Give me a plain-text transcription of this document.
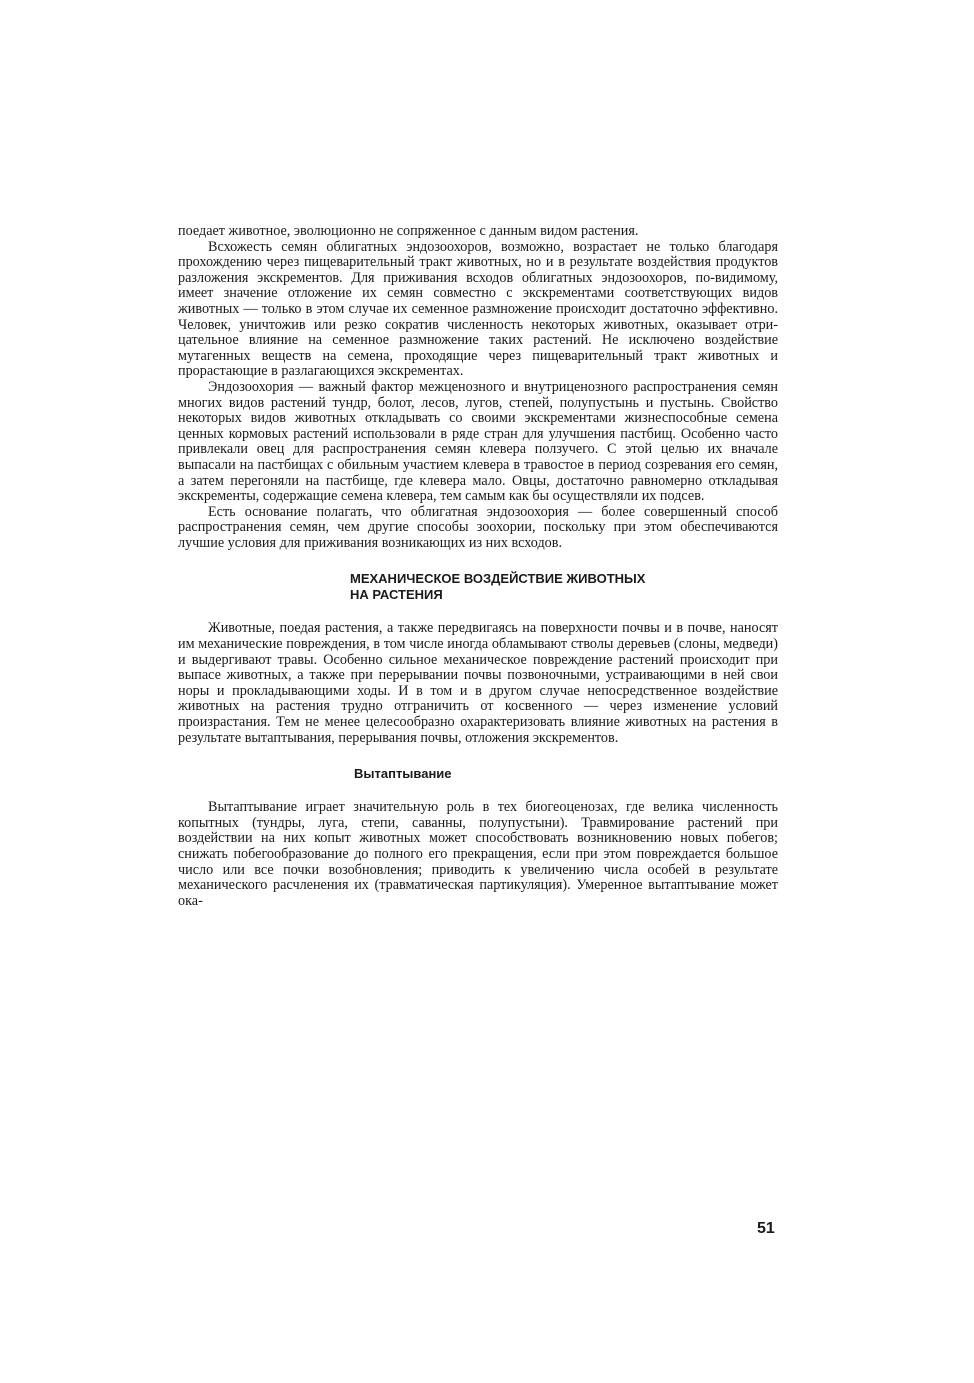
поедает животное, эволюционно не сопряженное с данным видом растения.

Всхожесть семян облигатных эндозоохоров, возможно, возрастает не только благодаря прохождению через пищеварительный тракт животных, но и в результате воздействия продуктов разложения экскрементов. Для приживания всходов облигатных эндозоохоров, по-видимому, имеет значение отложение их семян совместно с экскрементами соответствующих видов животных — только в этом случае их семенное размножение происходит достаточно эффективно. Человек, уничтожив или резко сократив численность некоторых животных, оказывает отрицательное влияние на семенное размножение таких растений. Не исключено воздействие мутагенных веществ на семена, проходящие через пищеварительный тракт животных и прорастающие в разлагающихся экскрементах.

Эндозоохория — важный фактор межценозного и внутриценозного распространения семян многих видов растений тундр, болот, лесов, лугов, степей, полупустынь и пустынь. Свойство некоторых видов животных откладывать со своими экскрементами жизнеспособные семена ценных кормовых растений использовали в ряде стран для улучшения пастбищ. Особенно часто привлекали овец для распространения семян клевера ползучего. С этой целью их вначале выпасали на пастбищах с обильным участием клевера в травостое в период созревания его семян, а затем перегоняли на пастбище, где клевера мало. Овцы, достаточно равномерно откладывая экскременты, содержащие семена клевера, тем самым как бы осуществляли их подсев.

Есть основание полагать, что облигатная эндозоохория — более совершенный способ распространения семян, чем другие способы зоохории, поскольку при этом обеспечиваются лучшие условия для приживания возникающих из них всходов.

МЕХАНИЧЕСКОЕ ВОЗДЕЙСТВИЕ ЖИВОТНЫХ
НА РАСТЕНИЯ

Животные, поедая растения, а также передвигаясь на поверхности почвы и в почве, наносят им механические повреждения, в том числе иногда обламывают стволы деревьев (слоны, медведи) и выдергивают травы. Особенно сильное механическое повреждение растений происходит при выпасе животных, а также при перерывании почвы позвоночными, устраивающими в ней свои норы и прокладывающими ходы. И в том и в другом случае непосредственное воздействие животных на растения трудно отграничить от косвенного — через изменение условий произрастания. Тем не менее целесообразно охарактеризовать влияние животных на растения в результате вытаптывания, перерывания почвы, отложения экскрементов.

Вытаптывание

Вытаптывание играет значительную роль в тех биогеоценозах, где велика численность копытных (тундры, луга, степи, саванны, полупустыни). Травмирование растений при воздействии на них копыт животных может способствовать возникновению новых побегов; снижать побегообразование до полного его прекращения, если при этом повреждается большое число или все почки возобновления; приводить к увеличению числа особей в результате механического расчленения их (травматическая партикуляция). Умеренное вытаптывание может ока-

51
